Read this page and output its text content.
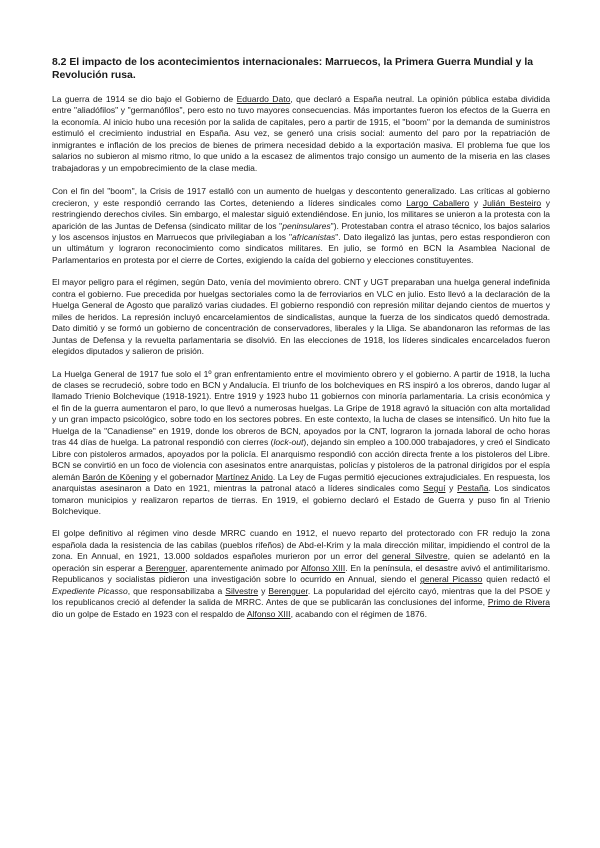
8.2 El impacto de los acontecimientos internacionales: Marruecos, la Primera Guerra Mundial y la Revolución rusa.

La guerra de 1914 se dio bajo el Gobierno de Eduardo Dato, que declaró a España neutral. La opinión pública estaba dividida entre "aliadófilos" y "germanófilos", pero esto no tuvo mayores consecuencias. Más importantes fueron los efectos de la Guerra en la economía. Al inicio hubo una recesión por la salida de capitales, pero a partir de 1915, el "boom" por la demanda de suministros estimuló el crecimiento industrial en España. Asu vez, se generó una crisis social: aumento del paro por la repatriación de inmigrantes e inflación de los precios de bienes de primera necesidad debido a la exportación masiva. El problema fue que los salarios no subieron al mismo ritmo, lo que unido a la escasez de alimentos trajo consigo un aumento de la miseria en las clases trabajadoras y un empobrecimiento de la clase media.

Con el fin del "boom", la Crisis de 1917 estalló con un aumento de huelgas y descontento generalizado. Las críticas al gobierno crecieron, y este respondió cerrando las Cortes, deteniendo a líderes sindicales como Largo Caballero y Julián Besteiro y restringiendo derechos civiles. Sin embargo, el malestar siguió extendiéndose. En junio, los militares se unieron a la protesta con la aparición de las Juntas de Defensa (sindicato militar de los "peninsulares"). Protestaban contra el atraso técnico, los bajos salarios y los ascensos injustos en Marruecos que privilegiaban a los "africanistas". Dato ilegalizó las juntas, pero estas respondieron con un ultimátum y lograron reconocimiento como sindicatos militares. En julio, se formó en BCN la Asamblea Nacional de Parlamentarios en protesta por el cierre de Cortes, exigiendo la caída del gobierno y elecciones constituyentes.

El mayor peligro para el régimen, según Dato, venía del movimiento obrero. CNT y UGT preparaban una huelga general indefinida contra el gobierno. Fue precedida por huelgas sectoriales como la de ferroviarios en VLC en julio. Esto llevó a la declaración de la Huelga General de Agosto que paralizó varias ciudades. El gobierno respondió con represión militar dejando cientos de muertos y miles de heridos. La represión incluyó encarcelamientos de sindicalistas, aunque la fuerza de los sindicatos quedó demostrada. Dato dimitió y se formó un gobierno de concentración de conservadores, liberales y la Lliga. Se abandonaron las reformas de las Juntas de Defensa y la revuelta parlamentaria se disolvió. En las elecciones de 1918, los líderes sindicales encarcelados fueron elegidos diputados y salieron de prisión.

La Huelga General de 1917 fue solo el 1º gran enfrentamiento entre el movimiento obrero y el gobierno. A partir de 1918, la lucha de clases se recrudeció, sobre todo en BCN y Andalucía. El triunfo de los bolcheviques en RS inspiró a los obreros, dando lugar al llamado Trienio Bolchevique (1918-1921). Entre 1919 y 1923 hubo 11 gobiernos con minoría parlamentaria. La crisis económica y el fin de la guerra aumentaron el paro, lo que llevó a numerosas huelgas. La Gripe de 1918 agravó la situación con alta mortalidad y un gran impacto psicológico, sobre todo en los sectores pobres. En este contexto, la lucha de clases se intensificó. Un hito fue la Huelga de la "Canadiense" en 1919, donde los obreros de BCN, apoyados por la CNT, lograron la jornada laboral de ocho horas tras 44 días de huelga. La patronal respondió con cierres (lock-out), dejando sin empleo a 100.000 trabajadores, y creó el Sindicato Libre con pistoleros armados, apoyados por la policía. El anarquismo respondió con acción directa frente a los pistoleros del Libre. BCN se convirtió en un foco de violencia con asesinatos entre anarquistas, policías y pistoleros de la patronal dirigidos por el espía alemán Barón de Köening y el gobernador Martínez Anido. La Ley de Fugas permitió ejecuciones extrajudiciales. En respuesta, los anarquistas asesinaron a Dato en 1921, mientras la patronal atacó a líderes sindicales como Seguí y Pestaña. Los sindicatos tomaron municipios y realizaron repartos de tierras. En 1919, el gobierno declaró el Estado de Guerra y puso fin al Trienio Bolchevique.

El golpe definitivo al régimen vino desde MRRC cuando en 1912, el nuevo reparto del protectorado con FR redujo la zona española dada la resistencia de las cabilas (pueblos rifeños) de Abd-el-Krim y la mala dirección militar, impidiendo el control de la zona. En Annual, en 1921, 13.000 soldados españoles murieron por un error del general Silvestre, quien se adelantó en la operación sin esperar a Berenguer, aparentemente animado por Alfonso XIII. En la península, el desastre avivó el antimilitarismo. Republicanos y socialistas pidieron una investigación sobre lo ocurrido en Annual, siendo el general Picasso quien redactó el Expediente Picasso, que responsabilizaba a Silvestre y Berenguer. La popularidad del ejército cayó, mientras que la del PSOE y los republicanos creció al defender la salida de MRRC. Antes de que se publicarán las conclusiones del informe, Primo de Rivera dio un golpe de Estado en 1923 con el respaldo de Alfonso XIII, acabando con el régimen de 1876.
